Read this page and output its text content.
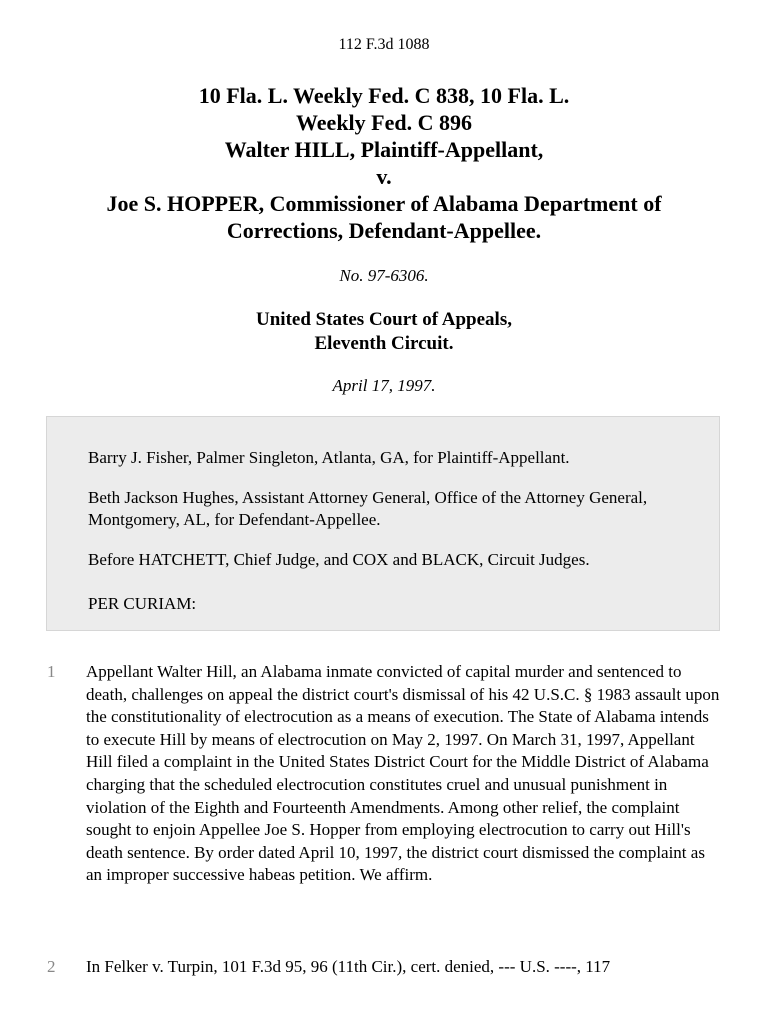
112 F.3d 1088
10 Fla. L. Weekly Fed. C 838, 10 Fla. L.
Weekly Fed. C 896
Walter HILL, Plaintiff-Appellant,
v.
Joe S. HOPPER, Commissioner of Alabama Department of
Corrections, Defendant-Appellee.
No. 97-6306.
United States Court of Appeals,
Eleventh Circuit.
April 17, 1997.

Barry J. Fisher, Palmer Singleton, Atlanta, GA, for Plaintiff-Appellant.

Beth Jackson Hughes, Assistant Attorney General, Office of the Attorney General, Montgomery, AL, for Defendant-Appellee.

Before HATCHETT, Chief Judge, and COX and BLACK, Circuit Judges.

PER CURIAM:

1 Appellant Walter Hill, an Alabama inmate convicted of capital murder and sentenced to death, challenges on appeal the district court's dismissal of his 42 U.S.C. § 1983 assault upon the constitutionality of electrocution as a means of execution. The State of Alabama intends to execute Hill by means of electrocution on May 2, 1997. On March 31, 1997, Appellant Hill filed a complaint in the United States District Court for the Middle District of Alabama charging that the scheduled electrocution constitutes cruel and unusual punishment in violation of the Eighth and Fourteenth Amendments. Among other relief, the complaint sought to enjoin Appellee Joe S. Hopper from employing electrocution to carry out Hill's death sentence. By order dated April 10, 1997, the district court dismissed the complaint as an improper successive habeas petition. We affirm.

2 In Felker v. Turpin, 101 F.3d 95, 96 (11th Cir.), cert. denied, --- U.S. ----, 117
